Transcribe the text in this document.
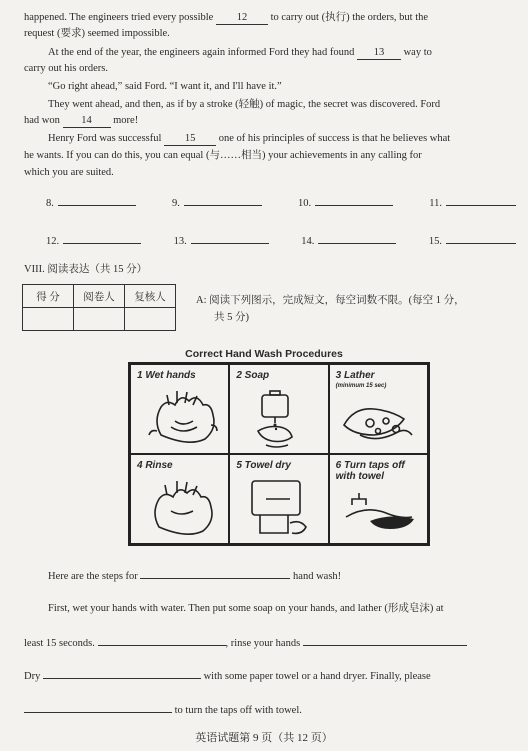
happened. The engineers tried every possible 12 to carry out (执行) the orders, but the
request (要求) seemed impossible.
At the end of the year, the engineers again informed Ford they had found 13 way to
carry out his orders.
“Go right ahead,” said Ford. “I want it, and I'll have it.”
They went ahead, and then, as if by a stroke (轻触) of magic, the secret was discovered. Ford
had won 14 more!
Henry Ford was successful 15 one of his principles of success is that he believes what
he wants. If you can do this, you can equal (与……相当) your achievements in any calling for
which you are suited.
8.	9.	10.	11.
12.	13.	14.	15.
VIII. 阅读表达（共 15 分）
得 分	阅卷人	复核人
			A: 阅读下列图示，完成短文，每空词数不限。(每空 1 分，
共 5 分)
Correct Hand Wash Procedures
1 Wet hands	2 Soap	3 Lather
(minimum 15 sec)
4 Rinse	5 Towel dry	6 Turn taps off with towel
Here are the steps for	hand wash!
First, wet your hands with water. Then put some soap on your hands, and lather (形成皂沫) at
least 15 seconds.	, rinse your hands
Dry	with some paper towel or a hand dryer. Finally, please
to turn the taps off with towel.
英语试题第 9 页（共 12 页）
